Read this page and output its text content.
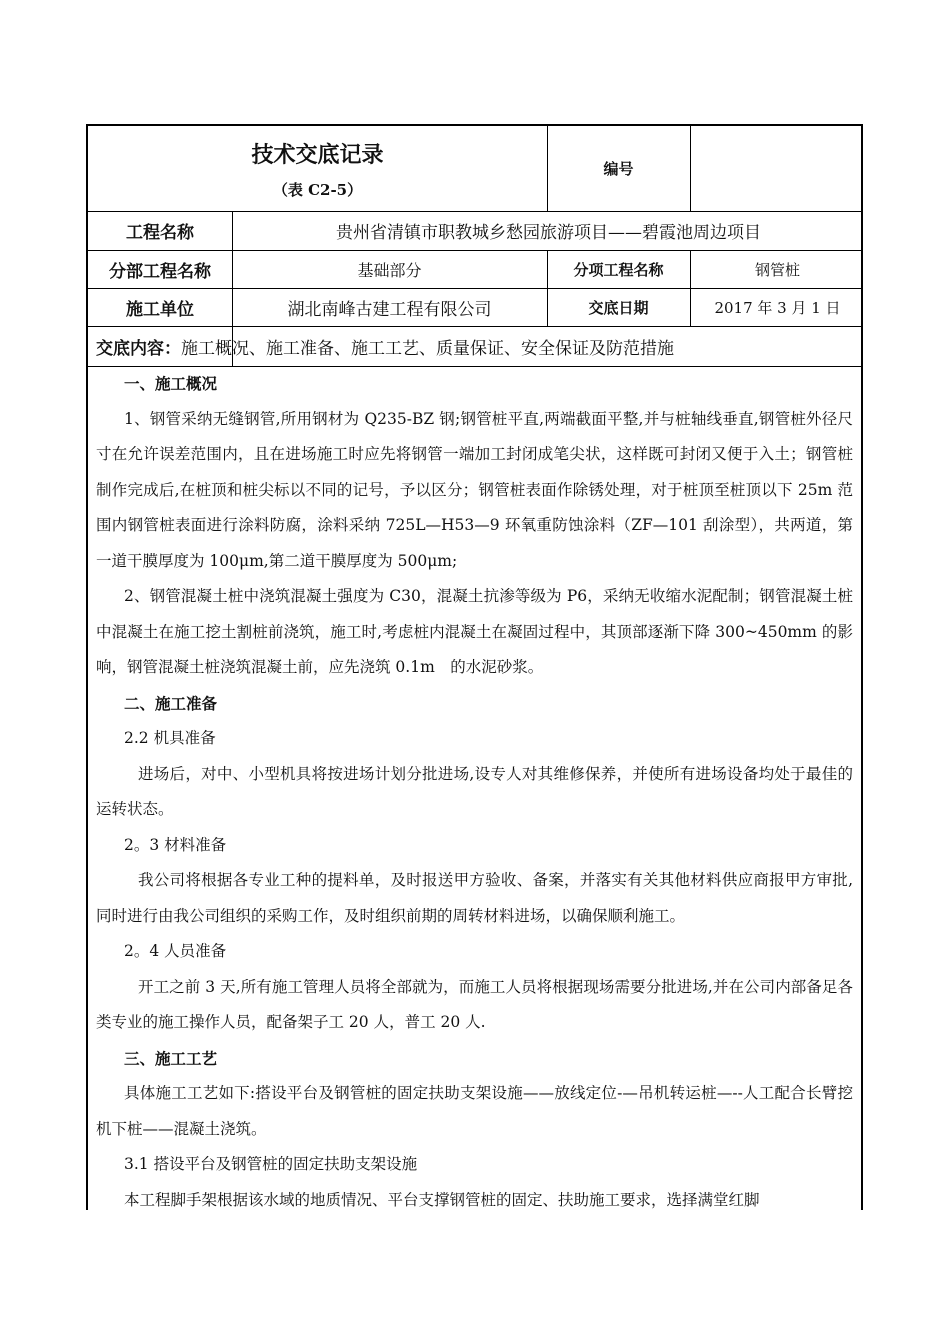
技术交底记录
（表 C2-5）
编号
工程名称	贵州省清镇市职教城乡愁园旅游项目——碧霞池周边项目
分部工程名称	基础部分	分项工程名称	钢管桩
施工单位	湖北南峰古建工程有限公司	交底日期	2017 年 3 月 1 日
交底内容： 施工概况、施工准备、施工工艺、质量保证、安全保证及防范措施

一、施工概况

1、钢管采纳无缝钢管,所用钢材为 Q235-BZ 钢;钢管桩平直,两端截面平整,并与桩轴线垂直,钢管桩外径尺寸在允许误差范围内，且在进场施工时应先将钢管一端加工封闭成笔尖状，这样既可封闭又便于入土；钢管桩制作完成后,在桩顶和桩尖标以不同的记号，予以区分；钢管桩表面作除锈处理，对于桩顶至桩顶以下 25m 范围内钢管桩表面进行涂料防腐，涂料采纳 725L—H53—9 环氧重防蚀涂料（ZF—101 刮涂型），共两道，第一道干膜厚度为 100μm,第二道干膜厚度为 500μm;

2、钢管混凝土桩中浇筑混凝土强度为 C30，混凝土抗渗等级为 P6，采纳无收缩水泥配制；钢管混凝土桩中混凝土在施工挖土割桩前浇筑，施工时,考虑桩内混凝土在凝固过程中，其顶部逐渐下降 300~450mm 的影响，钢管混凝土桩浇筑混凝土前，应先浇筑 0.1m　的水泥砂浆。

二、施工准备

2.2 机具准备

进场后，对中、小型机具将按进场计划分批进场,设专人对其维修保养，并使所有进场设备均处于最佳的运转状态。

2。3 材料准备

我公司将根据各专业工种的提料单，及时报送甲方验收、备案，并落实有关其他材料供应商报甲方审批,同时进行由我公司组织的采购工作，及时组织前期的周转材料进场，以确保顺利施工。

2。4 人员准备

开工之前 3 天,所有施工管理人员将全部就为，而施工人员将根据现场需要分批进场,并在公司内部备足各类专业的施工操作人员，配备架子工 20 人，普工 20 人.

三、施工工艺

具体施工工艺如下:搭设平台及钢管桩的固定扶助支架设施——放线定位-—吊机转运桩—--人工配合长臂挖机下桩——混凝土浇筑。

3.1 搭设平台及钢管桩的固定扶助支架设施

本工程脚手架根据该水域的地质情况、平台支撑钢管桩的固定、扶助施工要求，选择满堂红脚
